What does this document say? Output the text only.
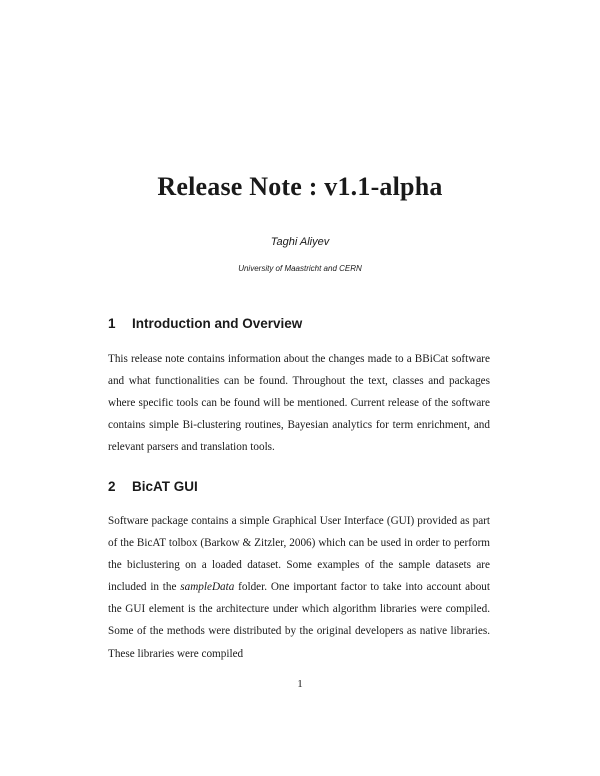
Release Note : v1.1-alpha
Taghi Aliyev
University of Maastricht and CERN
1 Introduction and Overview

This release note contains information about the changes made to a BBiCat software and what functionalities can be found. Throughout the text, classes and packages where specific tools can be found will be mentioned. Current release of the software contains simple Bi-clustering routines, Bayesian analytics for term enrichment, and relevant parsers and translation tools.

2 BicAT GUI

Software package contains a simple Graphical User Interface (GUI) provided as part of the BicAT tolbox (Barkow & Zitzler, 2006) which can be used in order to perform the biclustering on a loaded dataset. Some examples of the sample datasets are included in the sampleData folder. One important factor to take into account about the GUI element is the architecture under which algorithm libraries were compiled. Some of the methods were distributed by the original developers as native libraries. These libraries were compiled

1
